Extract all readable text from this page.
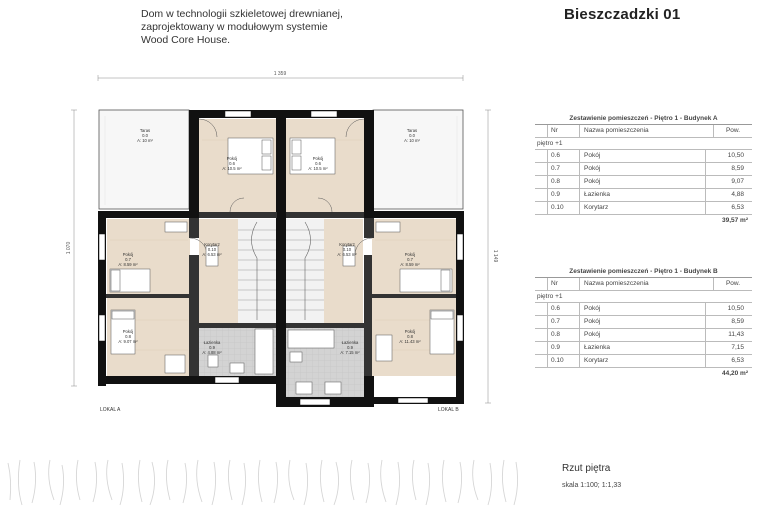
Dom w technologii szkieletowej drewnianej,
zaprojektowany w modułowym systemie
Wood Core House.
Bieszczadzki 01
Taras
0.0
A: 10 m²
Pokój
0.6
A: 10.5 m²
Pokój
0.7
A: 8.59 m²
Korytarz
0.10
A: 6.53 m²
Pokój
0.8
A: 9.07 m²	Łazienka
0.9
A: 4.88 m²
Taras
0.0
A: 10 m²
Pokój
0.6
A: 10.5 m²
Korytarz
0.10
A: 6.53 m²	Pokój
0.7
A: 8.59 m²
Łazienka
0.9
A: 7.15 m²
Pokój
0.8
A: 11.43 m²
1 359
1 070
1 149
LOKAL A	LOKAL B
Zestawienie pomieszczeń - Piętro 1 - Budynek A
Nr	Nazwa pomieszczenia	Pow.
piętro +1
0.6	Pokój	10,50
0.7	Pokój	8,59
0.8	Pokój	9,07
0.9	Łazienka	4,88
0.10	Korytarz	6,53
39,57 m²
Zestawienie pomieszczeń - Piętro 1 - Budynek B
Nr	Nazwa pomieszczenia	Pow.
piętro +1
0.6	Pokój	10,50
0.7	Pokój	8,59
0.8	Pokój	11,43
0.9	Łazienka	7,15
0.10	Korytarz	6,53
44,20 m²
Rzut piętra
skala 1:100; 1:1,33
